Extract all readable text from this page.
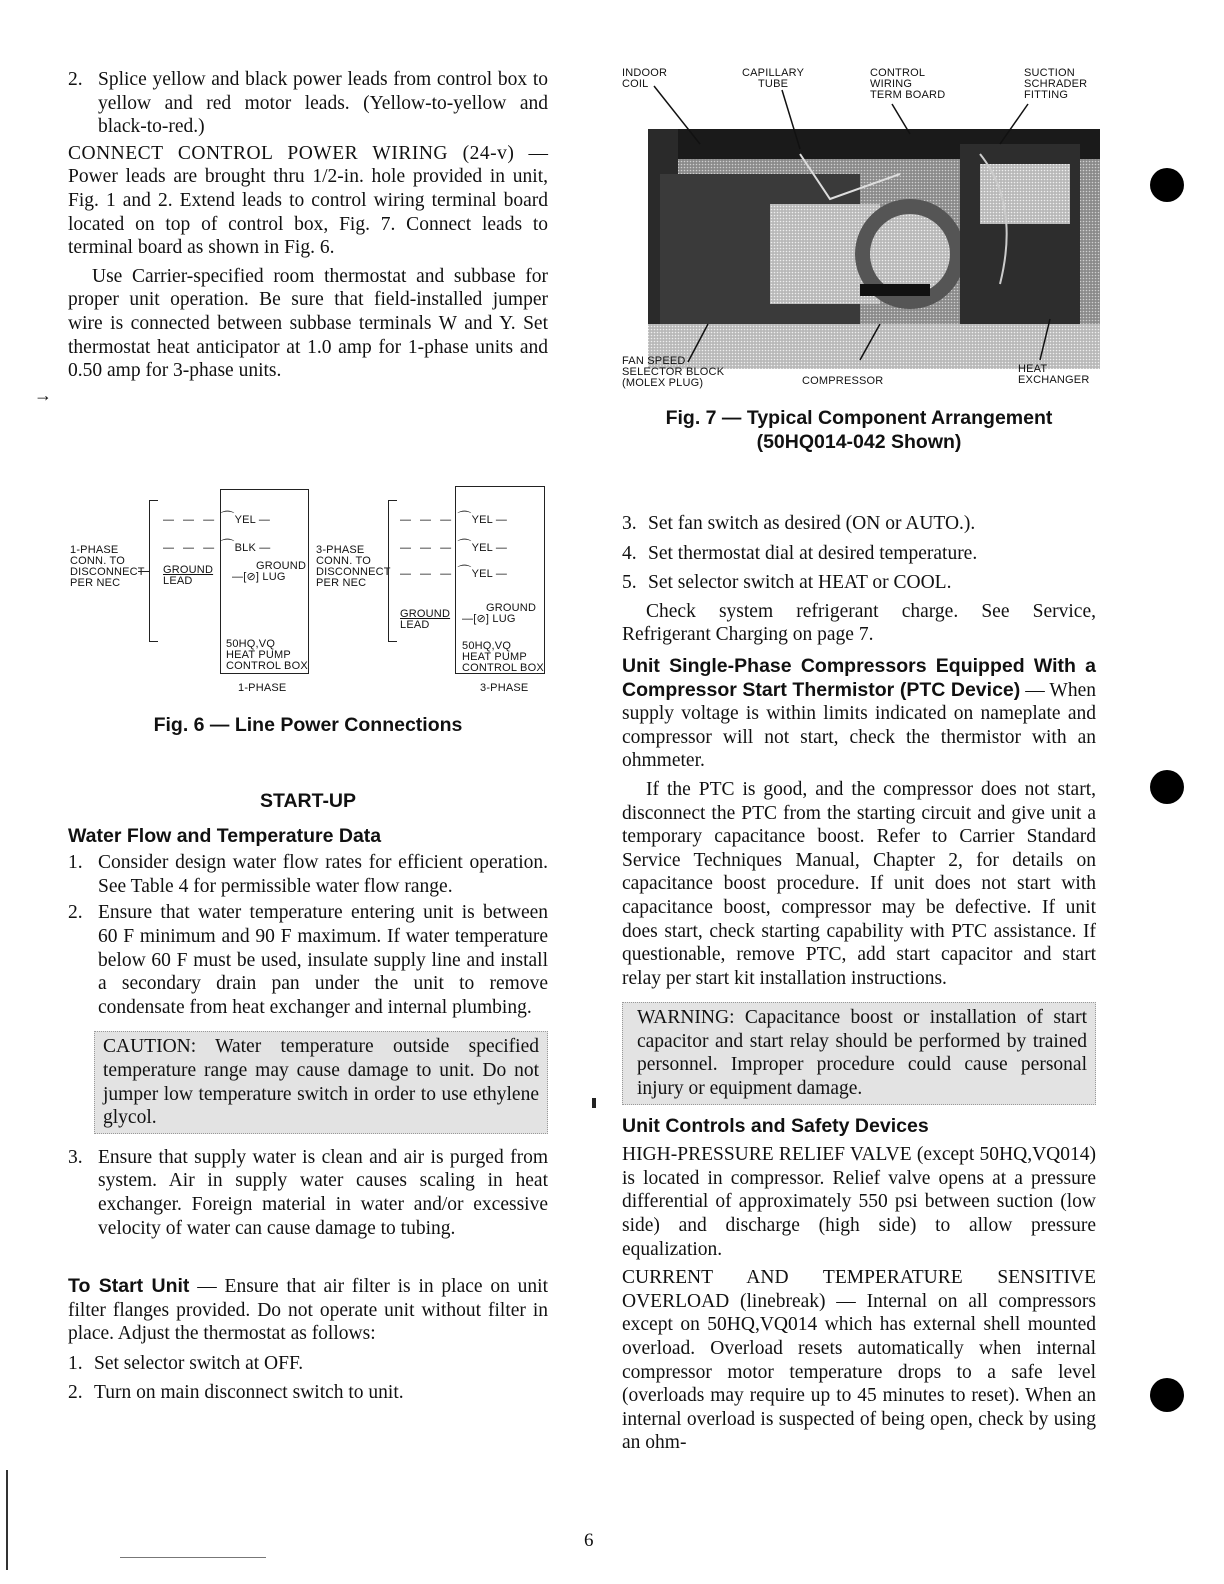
2. Splice yellow and black power leads from control box to yellow and red motor leads. (Yellow-to-yellow and black-to-red.)

CONNECT CONTROL POWER WIRING (24-v) — Power leads are brought thru 1/2-in. hole provided in unit, Fig. 1 and 2. Extend leads to control wiring terminal board located on top of control box, Fig. 7. Connect leads to terminal board as shown in Fig. 6.

Use Carrier-specified room thermostat and subbase for proper unit operation. Be sure that field-installed jumper wire is connected between subbase terminals W and Y. Set thermostat heat anticipator at 1.0 amp for 1-phase units and 0.50 amp for 3-phase units.

→
1-PHASE
CONN. TO
DISCONNECT
PER NEC
— — — ⌒YEL —
— — — ⌒BLK —
GROUND
LEAD
GROUND
—[⊘] LUG
50HQ,VQ
HEAT PUMP
CONTROL BOX
1-PHASE
3-PHASE
CONN. TO
DISCONNECT
PER NEC
— — — ⌒YEL —
— — — ⌒YEL —
— — — ⌒YEL —
GROUND
LEAD
GROUND
—[⊘] LUG
50HQ,VQ
HEAT PUMP
CONTROL BOX
3-PHASE
Fig. 6 — Line Power Connections
START-UP
Water Flow and Temperature Data
1. Consider design water flow rates for efficient operation. See Table 4 for permissible water flow range.
2. Ensure that water temperature entering unit is between 60 F minimum and 90 F maximum. If water temperature below 60 F must be used, insulate supply line and install a secondary drain pan under the unit to remove condensate from heat exchanger and internal plumbing.
CAUTION: Water temperature outside specified temperature range may cause damage to unit. Do not jumper low temperature switch in order to use ethylene glycol.
3. Ensure that supply water is clean and air is purged from system. Air in supply water causes scaling in heat exchanger. Foreign material in water and/or excessive velocity of water can cause damage to tubing.

To Start Unit — Ensure that air filter is in place on unit filter flanges provided. Do not operate unit without filter in place. Adjust the thermostat as follows:

1. Set selector switch at OFF.
2. Turn on main disconnect switch to unit.
INDOOR
COIL
CAPILLARY
TUBE
CONTROL
WIRING
TERM BOARD
SUCTION
SCHRADER
FITTING
FAN SPEED
SELECTOR BLOCK
(MOLEX PLUG)	COMPRESSOR
HEAT
EXCHANGER
Fig. 7 — Typical Component Arrangement
(50HQ014-042 Shown)
3. Set fan switch as desired (ON or AUTO.).
4. Set thermostat dial at desired temperature.
5. Set selector switch at HEAT or COOL.

Check system refrigerant charge. See Service, Refrigerant Charging on page 7.

Unit Single-Phase Compressors Equipped With a Compressor Start Thermistor (PTC Device) — When supply voltage is within limits indicated on nameplate and compressor will not start, check the thermistor with an ohmmeter.

If the PTC is good, and the compressor does not start, disconnect the PTC from the starting circuit and give unit a temporary capacitance boost. Refer to Carrier Standard Service Techniques Manual, Chapter 2, for details on capacitance boost procedure. If unit does not start with capacitance boost, compressor may be defective. If unit does start, check starting capability with PTC assistance. If questionable, remove PTC, add start capacitor and start relay per start kit installation instructions.

WARNING: Capacitance boost or installation of start capacitor and start relay should be performed by trained personnel. Improper procedure could cause personal injury or equipment damage.
Unit Controls and Safety Devices

HIGH-PRESSURE RELIEF VALVE (except 50HQ,VQ014) is located in compressor. Relief valve opens at a pressure differential of approximately 550 psi between suction (low side) and discharge (high side) to allow pressure equalization.

CURRENT AND TEMPERATURE SENSITIVE OVERLOAD (linebreak) — Internal on all compressors except on 50HQ,VQ014 which has external shell mounted overload. Overload resets automatically when internal compressor motor temperature drops to a safe level (overloads may require up to 45 minutes to reset). When an internal overload is suspected of being open, check by using an ohm-

6
